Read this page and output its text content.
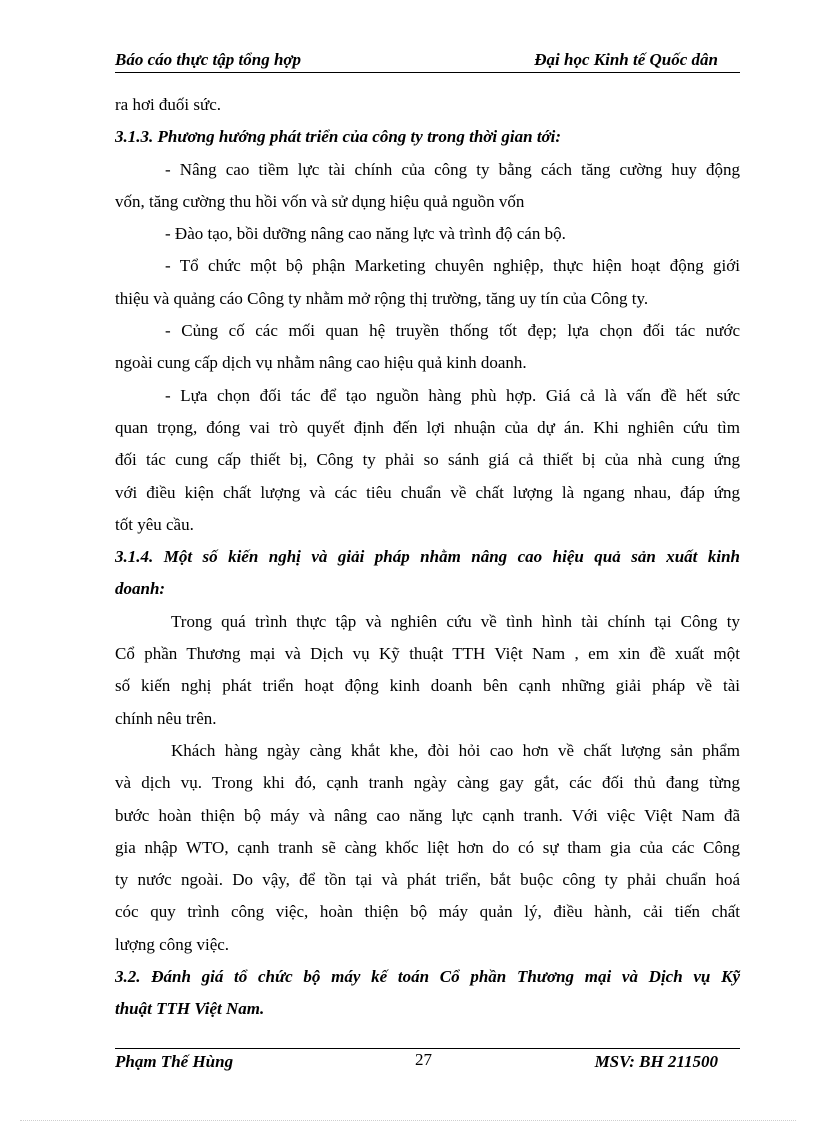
Báo cáo thực tập tổng hợp	Đại học Kinh tế Quốc dân

ra hơi đuối sức.

3.1.3. Phương hướng phát triển của công ty trong thời gian tới:

- Nâng cao tiềm lực tài chính của công ty bằng cách tăng cường huy động

vốn, tăng cường thu hồi vốn và sử dụng hiệu quả nguồn vốn

- Đào tạo, bồi dưỡng nâng cao năng lực và trình độ cán bộ.

- Tổ chức một bộ phận Marketing chuyên nghiệp, thực hiện hoạt động giới

thiệu và quảng cáo Công ty nhằm mở rộng thị trường, tăng uy tín của Công ty.

- Củng cố các mối quan hệ truyền thống tốt đẹp; lựa chọn đối tác nước

ngoài cung cấp dịch vụ nhằm nâng cao hiệu quả kinh doanh.

- Lựa chọn đối tác để tạo nguồn hàng phù hợp. Giá cả là vấn đề hết sức

quan trọng, đóng vai trò quyết định đến lợi nhuận của dự án. Khi nghiên cứu tìm

đối tác cung cấp thiết bị, Công ty phải so sánh giá cả thiết bị của nhà cung ứng

với điều kiện chất lượng và các tiêu chuẩn về chất lượng là ngang nhau, đáp ứng

tốt yêu cầu.

3.1.4. Một số kiến nghị và giải pháp nhằm nâng cao hiệu quả sản xuất kinh

doanh:

Trong quá trình thực tập và nghiên cứu về tình hình tài chính tại Công ty

Cổ phần Thương mại và Dịch vụ Kỹ thuật TTH Việt Nam , em xin đề xuất một

số kiến nghị phát triển hoạt động kinh doanh bên cạnh những giải pháp về tài

chính nêu trên.

Khách hàng ngày càng khắt khe, đòi hỏi cao hơn về chất lượng sản phẩm

và dịch vụ. Trong khi đó, cạnh tranh ngày càng gay gắt, các đối thủ đang từng

bước hoàn thiện bộ máy và nâng cao năng lực cạnh tranh. Với việc Việt Nam đã

gia nhập WTO, cạnh tranh sẽ càng khốc liệt hơn do có sự tham gia của các Công

ty nước ngoài. Do vậy, để tồn tại và phát triển, bắt buộc công ty phải chuẩn hoá

cóc quy trình công việc, hoàn thiện bộ máy quản lý, điều hành, cải tiến chất

lượng công việc.

3.2. Đánh giá tổ chức bộ máy kế toán Cổ phần Thương mại và Dịch vụ Kỹ

thuật TTH Việt Nam.

Phạm Thế Hùng	27	MSV: BH 211500
